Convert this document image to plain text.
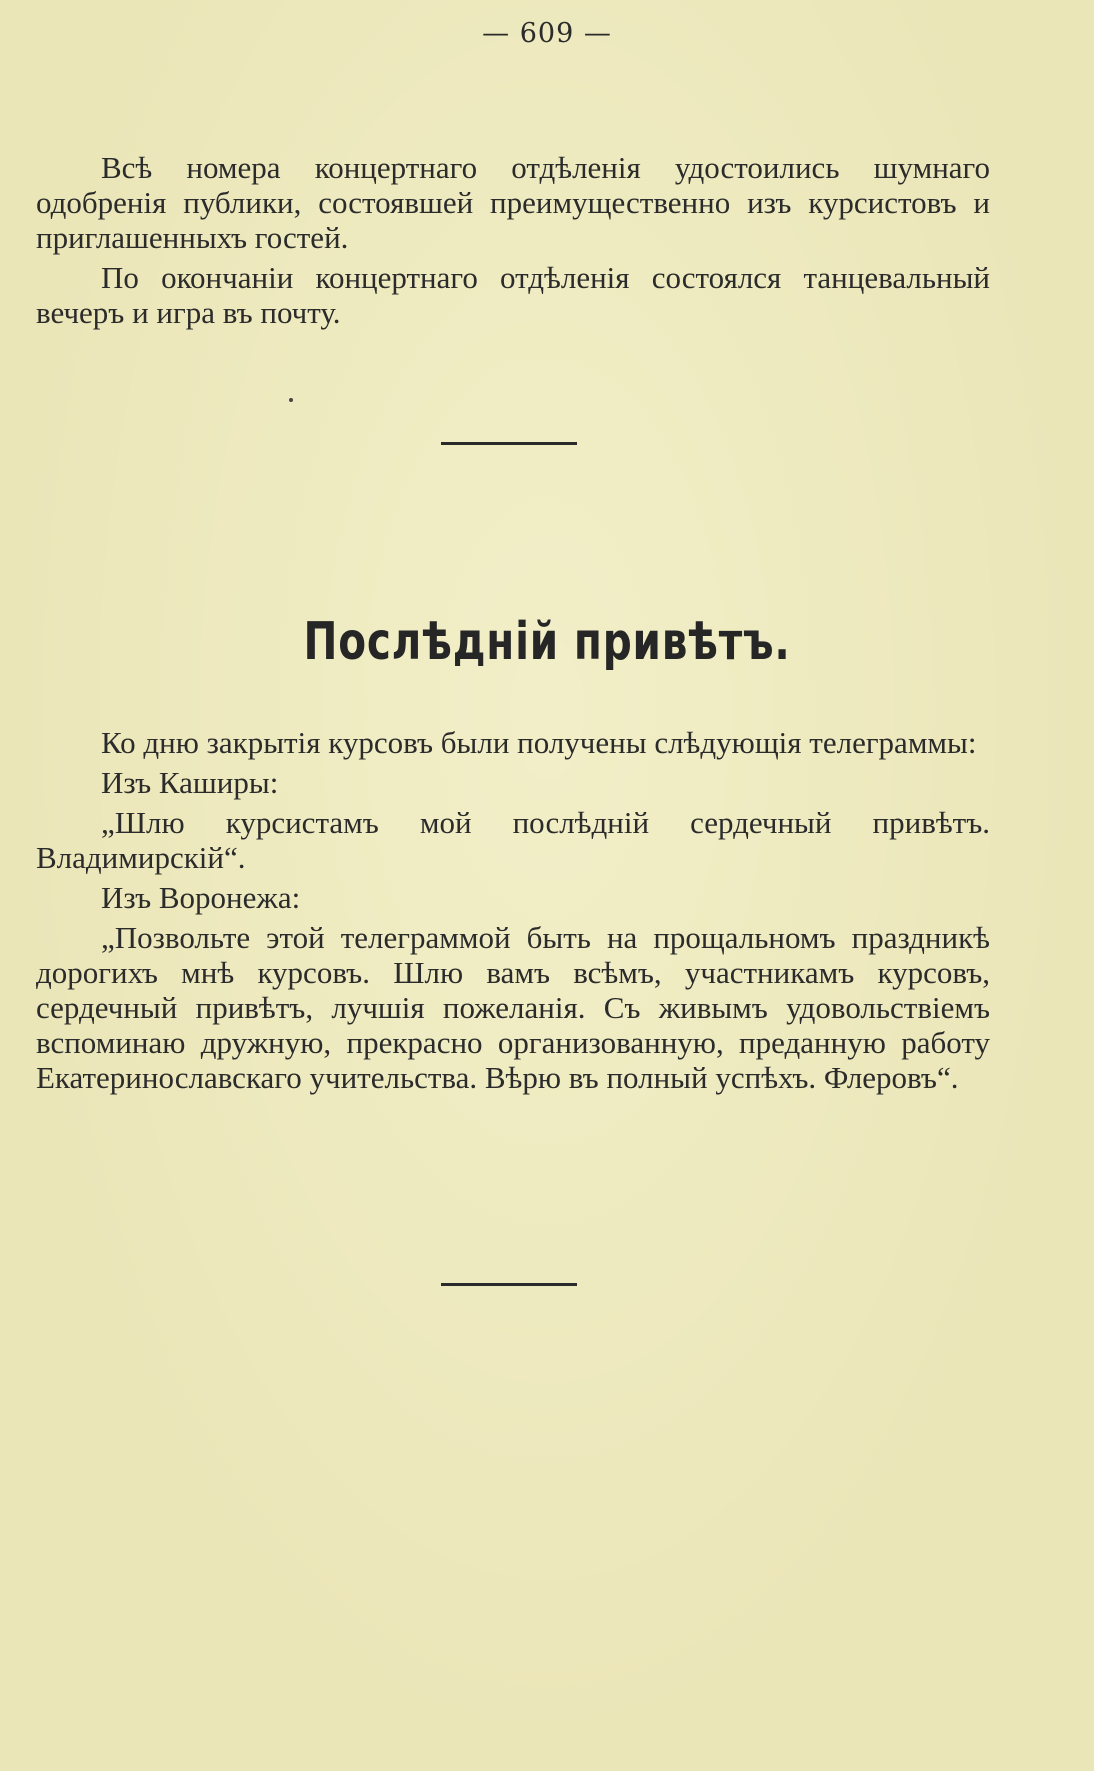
— 609 —

Всѣ номера концертнаго отдѣленія удостоились шумнаго одобренія публики, состоявшей преимущественно изъ курсистовъ и приглашенныхъ гостей.

По окончаніи концертнаго отдѣленія состоялся танцевальный вечеръ и игра въ почту.

Послѣдній привѣтъ.

Ко дню закрытія курсовъ были получены слѣдующія телеграммы:

Изъ Каширы:

„Шлю курсистамъ мой послѣдній сердечный привѣтъ. Владимирскій“.

Изъ Воронежа:

„Позвольте этой телеграммой быть на прощальномъ праздникѣ дорогихъ мнѣ курсовъ. Шлю вамъ всѣмъ, участникамъ курсовъ, сердечный привѣтъ, лучшія пожеланія. Съ живымъ удовольствіемъ вспоминаю дружную, прекрасно организованную, преданную работу Екатеринославскаго учительства. Вѣрю въ полный успѣхъ. Флеровъ“.
